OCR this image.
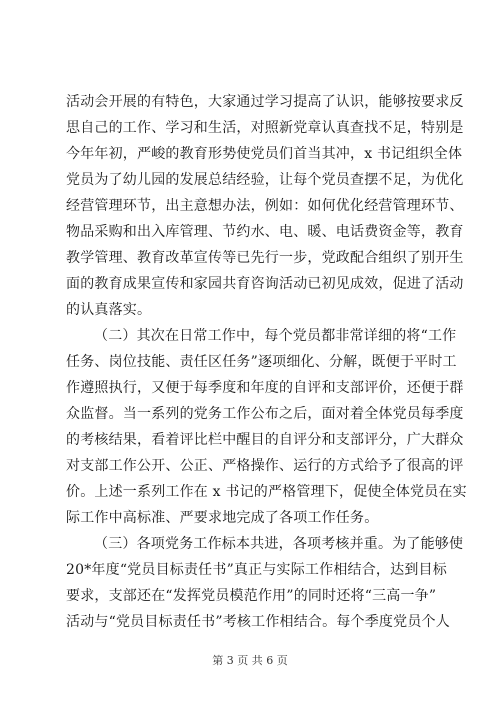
活动会开展的有特色，大家通过学习提高了认识，能够按要求反
思自己的工作、学习和生活，对照新党章认真查找不足，特别是
今年年初，严峻的教育形势使党员们首当其冲，x 书记组织全体
党员为了幼儿园的发展总结经验，让每个党员查摆不足，为优化
经营管理环节，出主意想办法，例如：如何优化经营管理环节、
物品采购和出入库管理、节约水、电、暖、电话费资金等，教育
教学管理、教育改革宣传等已先行一步，党政配合组织了别开生
面的教育成果宣传和家园共育咨询活动已初见成效，促进了活动
的认真落实。
（二）其次在日常工作中，每个党员都非常详细的将“工作
任务、岗位技能、责任区任务”逐项细化、分解，既便于平时工
作遵照执行，又便于每季度和年度的自评和支部评价，还便于群
众监督。当一系列的党务工作公布之后，面对着全体党员每季度
的考核结果，看着评比栏中醒目的自评分和支部评分，广大群众
对支部工作公开、公正、严格操作、运行的方式给予了很高的评
价。上述一系列工作在 x 书记的严格管理下，促使全体党员在实
际工作中高标准、严要求地完成了各项工作任务。
（三）各项党务工作标本共进，各项考核并重。为了能够使
20*年度“党员目标责任书”真正与实际工作相结合，达到目标
要求，支部还在“发挥党员模范作用”的同时还将“三高一争”
活动与“党员目标责任书”考核工作相结合。每个季度党员个人
第 3 页 共 6 页
